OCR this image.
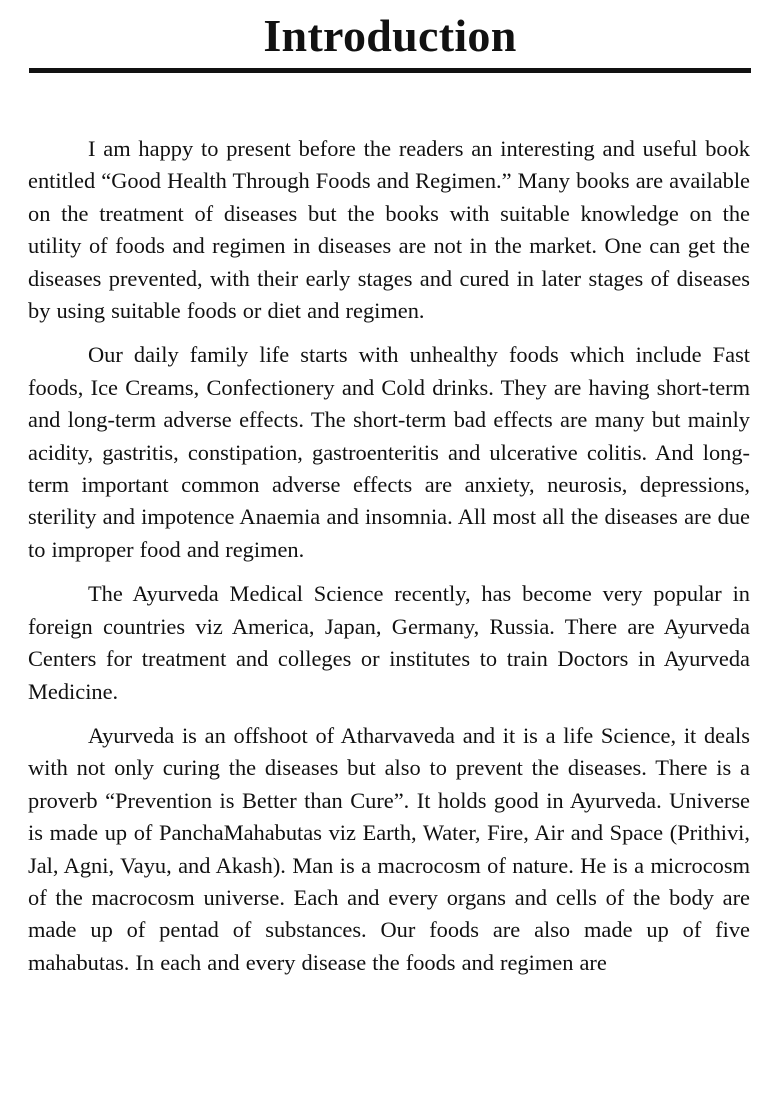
Introduction

I am happy to present before the readers an interesting and useful book entitled “Good Health Through Foods and Regimen.” Many books are available on the treatment of diseases but the books with suitable knowledge on the utility of foods and regimen in diseases are not in the market. One can get the diseases prevented, with their early stages and cured in later stages of diseases by using suitable foods or diet and regimen.

Our daily family life starts with unhealthy foods which include Fast foods, Ice Creams, Confectionery and Cold drinks. They are having short-term and long-term adverse effects. The short-term bad effects are many but mainly acidity, gastritis, constipation, gastroenteritis and ulcerative colitis. And long-term important common adverse effects are anxiety, neurosis, depressions, sterility and impotence Anaemia and insomnia. All most all the diseases are due to improper food and regimen.

The Ayurveda Medical Science recently, has become very popular in foreign countries viz America, Japan, Germany, Russia. There are Ayurveda Centers for treatment and colleges or institutes to train Doctors in Ayurveda Medicine.

Ayurveda is an offshoot of Atharvaveda and it is a life Science, it deals with not only curing the diseases but also to prevent the diseases. There is a proverb “Prevention is Better than Cure”. It holds good in Ayurveda. Universe is made up of PanchaMahabutas viz Earth, Water, Fire, Air and Space (Prithivi, Jal, Agni, Vayu, and Akash). Man is a macrocosm of nature. He is a microcosm of the macrocosm universe. Each and every organs and cells of the body are made up of pentad of substances. Our foods are also made up of five mahabutas. In each and every disease the foods and regimen are
